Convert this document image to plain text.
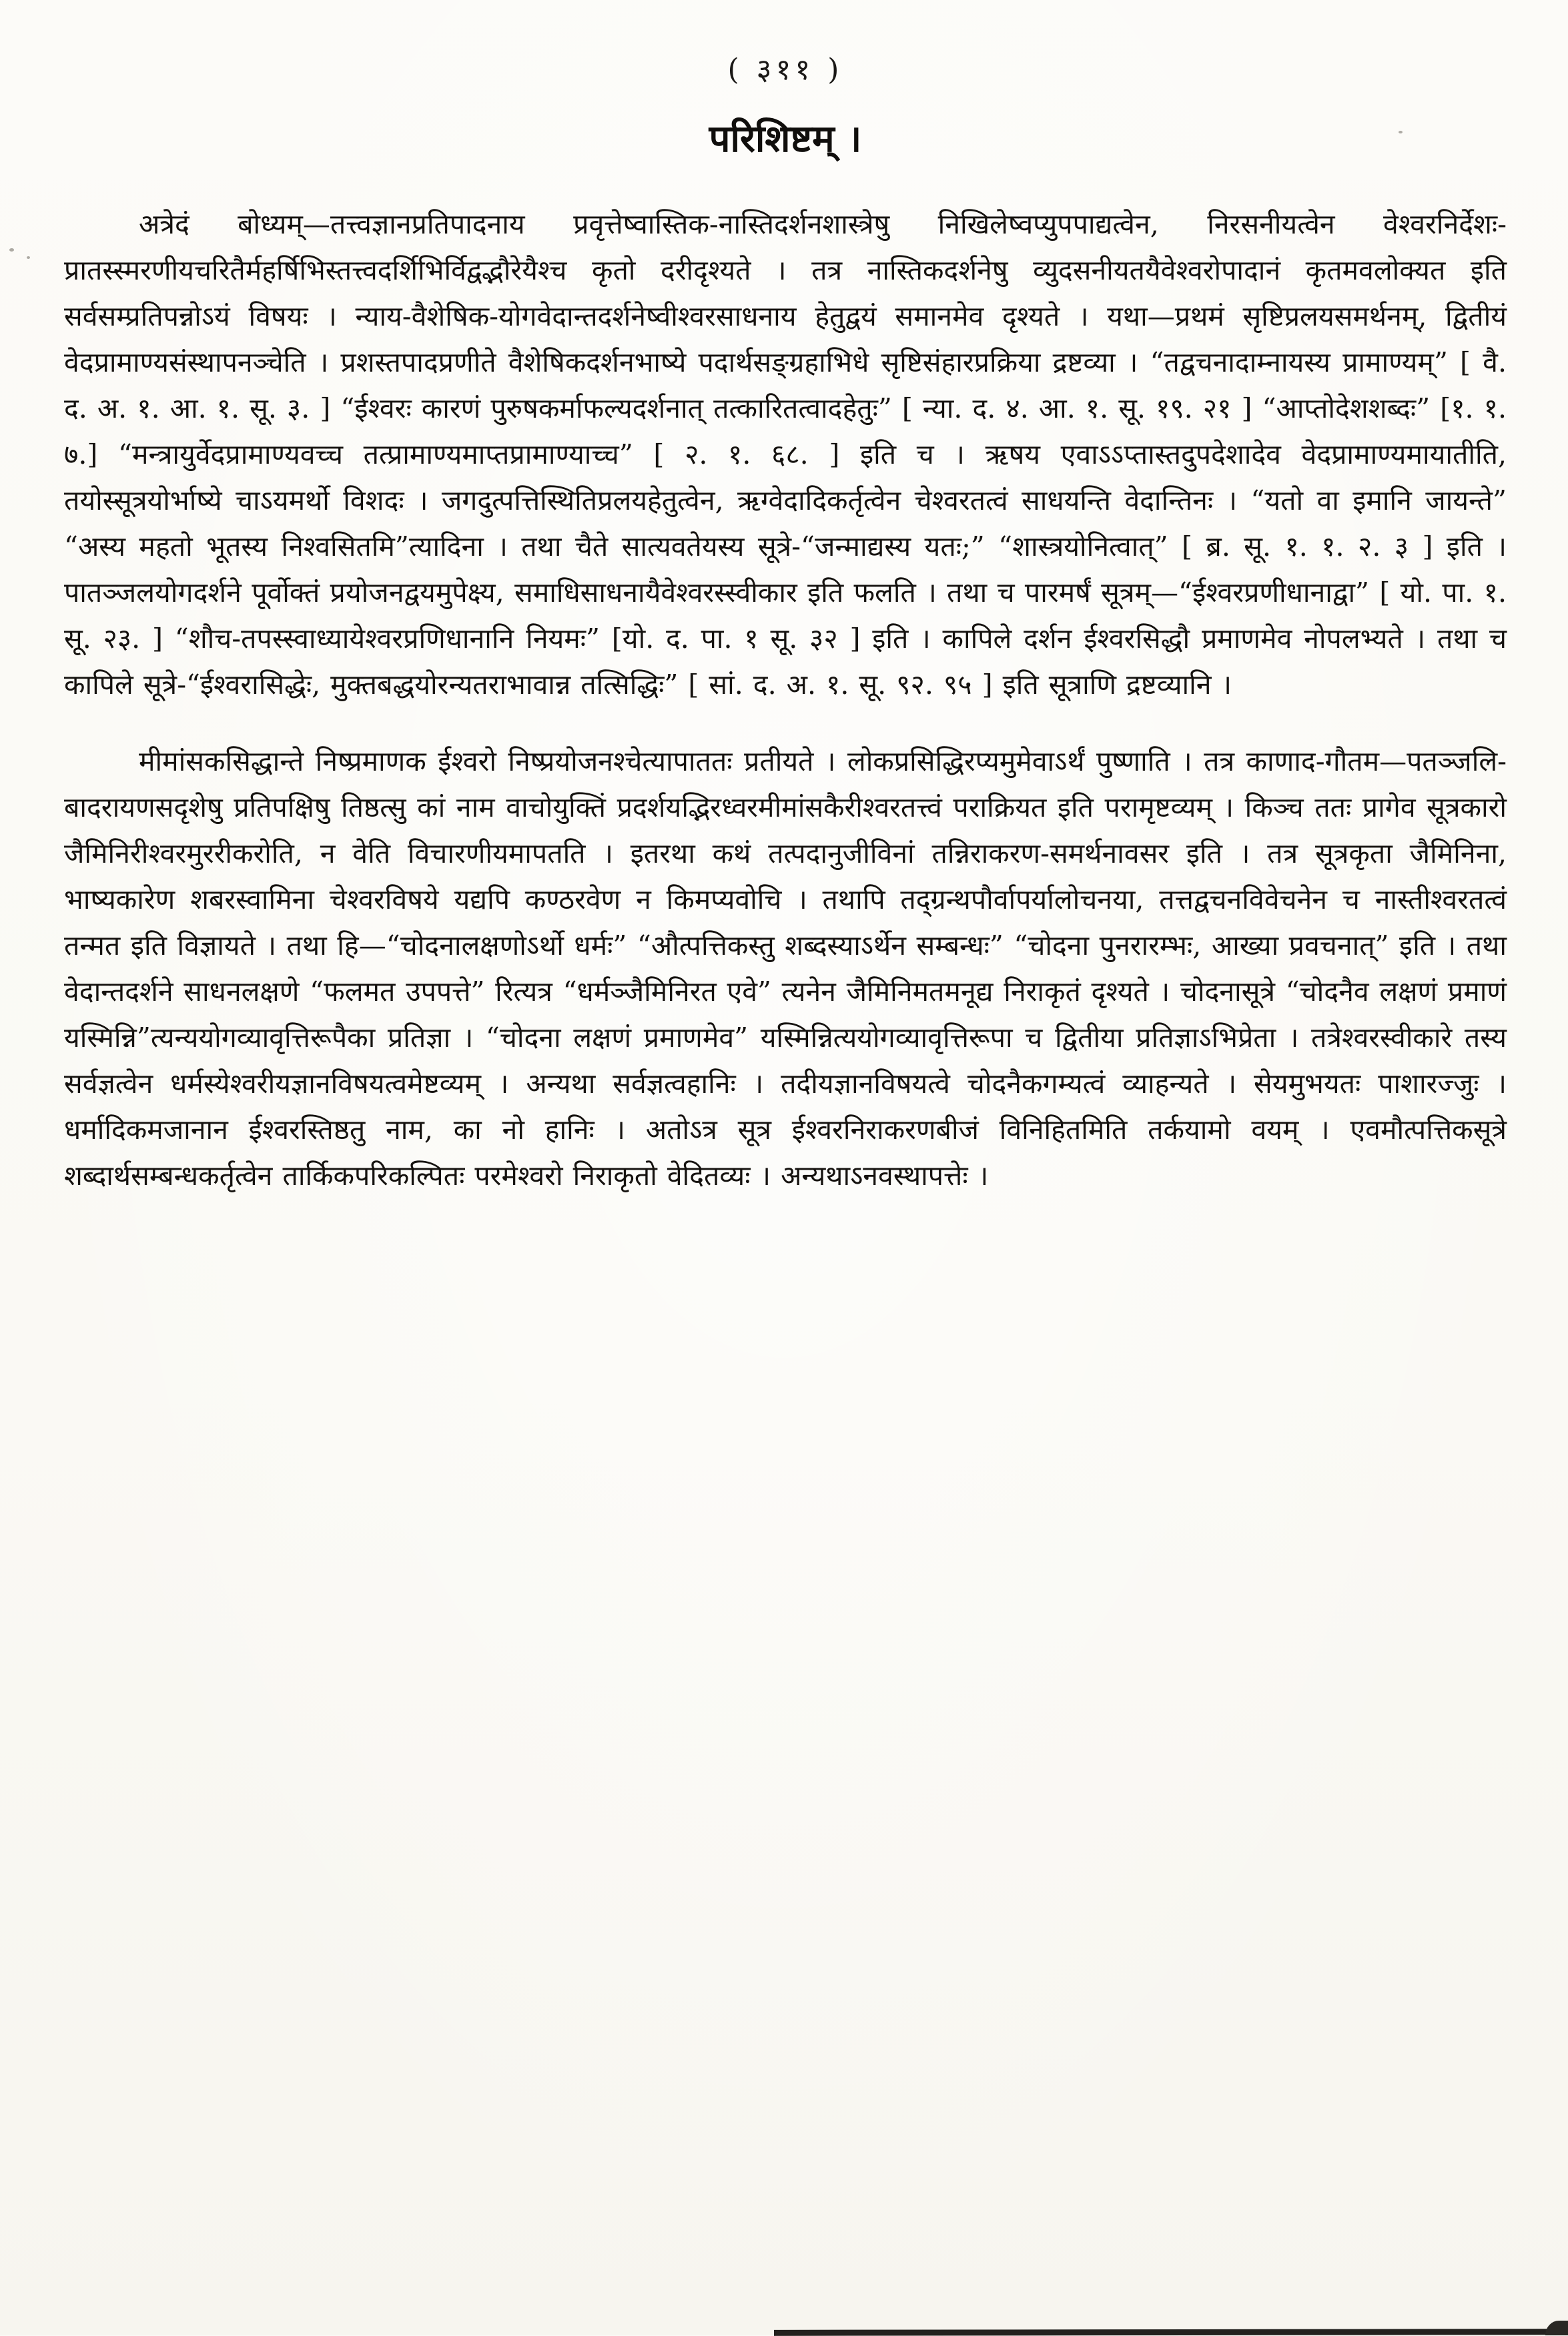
( ३११ )
परिशिष्टम् ।

अत्रेदं बोध्यम्—तत्त्वज्ञानप्रतिपादनाय प्रवृत्तेष्वास्तिक-नास्तिदर्शनशास्त्रेषु निखिलेष्वप्युपपाद्यत्वेन, निरसनीयत्वेन वेश्वरनिर्देशः-प्रातस्स्मरणीयचरितैर्महर्षिभिस्तत्त्वदर्शिभिर्विद्वद्भौरेयैश्च कृतो दरीदृश्यते । तत्र नास्तिकदर्शनेषु व्युदसनीयतयैवेश्वरोपादानं कृतमवलोक्यत इति सर्वसम्प्रतिपन्नोऽयं विषयः । न्याय-वैशेषिक-योगवेदान्तदर्शनेष्वीश्वरसाधनाय हेतुद्वयं समानमेव दृश्यते । यथा—प्रथमं सृष्टिप्रलयसमर्थनम्, द्वितीयं वेदप्रामाण्यसंस्थापनञ्चेति । प्रशस्तपादप्रणीते वैशेषिकदर्शनभाष्ये पदार्थसङ्ग्रहाभिधे सृष्टिसंहारप्रक्रिया द्रष्टव्या । “तद्वचनादाम्नायस्य प्रामाण्यम्” [ वै. द. अ. १. आ. १. सू. ३. ] “ईश्वरः कारणं पुरुषकर्माफल्यदर्शनात् तत्कारितत्वादहेतुः” [ न्या. द. ४. आ. १. सू. १९. २१ ] “आप्तोदेशशब्दः” [१. १. ७.] “मन्त्रायुर्वेदप्रामाण्यवच्च तत्प्रामाण्यमाप्तप्रामाण्याच्च” [ २. १. ६८. ] इति च । ऋषय एवाऽऽप्तास्तदुपदेशादेव वेदप्रामाण्यमायातीति, तयोस्सूत्रयोर्भाष्ये चाऽयमर्थो विशदः । जगदुत्पत्तिस्थितिप्रलयहेतुत्वेन, ऋग्वेदादिकर्तृत्वेन चेश्वरतत्वं साधयन्ति वेदान्तिनः । “यतो वा इमानि जायन्ते” “अस्य महतो भूतस्य निश्वसितमि”त्यादिना । तथा चैते सात्यवतेयस्य सूत्रे-“जन्माद्यस्य यतः;” “शास्त्रयोनित्वात्” [ ब्र. सू. १. १. २. ३ ] इति । पातञ्जलयोगदर्शने पूर्वोक्तं प्रयोजनद्वयमुपेक्ष्य, समाधिसाधनायैवेश्वरस्स्वीकार इति फलति । तथा च पारमर्षं सूत्रम्—“ईश्वरप्रणीधानाद्वा” [ यो. पा. १. सू. २३. ] “शौच-तपस्स्वाध्यायेश्वरप्रणिधानानि नियमः” [यो. द. पा. १ सू. ३२ ] इति । कापिले दर्शन ईश्वरसिद्धौ प्रमाणमेव नोपलभ्यते । तथा च कापिले सूत्रे-“ईश्वरासिद्धेः, मुक्तबद्धयोरन्यतराभावान्न तत्सिद्धिः” [ सां. द. अ. १. सू. ९२. ९५ ] इति सूत्राणि द्रष्टव्यानि ।

मीमांसकसिद्धान्ते निष्प्रमाणक ईश्वरो निष्प्रयोजनश्चेत्यापाततः प्रतीयते । लोकप्रसिद्धिरप्यमुमेवाऽर्थं पुष्णाति । तत्र काणाद-गौतम—पतञ्जलि-बादरायणसदृशेषु प्रतिपक्षिषु तिष्ठत्सु कां नाम वाचोयुक्तिं प्रदर्शयद्भिरध्वरमीमांसकैरीश्वरतत्त्वं पराक्रियत इति परामृष्टव्यम् । किञ्च ततः प्रागेव सूत्रकारो जैमिनिरीश्वरमुररीकरोति, न वेति विचारणीयमापतति । इतरथा कथं तत्पदानुजीविनां तन्निराकरण-समर्थनावसर इति । तत्र सूत्रकृता जैमिनिना, भाष्यकारेण शबरस्वामिना चेश्वरविषये यद्यपि कण्ठरवेण न किमप्यवोचि । तथापि तद्ग्रन्थपौर्वापर्यालोचनया, तत्तद्वचनविवेचनेन च नास्तीश्वरतत्वं तन्मत इति विज्ञायते । तथा हि—“चोदनालक्षणोऽर्थो धर्मः” “औत्पत्तिकस्तु शब्दस्याऽर्थेन सम्बन्धः” “चोदना पुनरारम्भः, आख्या प्रवचनात्” इति । तथा वेदान्तदर्शने साधनलक्षणे “फलमत उपपत्ते” रित्यत्र “धर्मञ्जैमिनिरत एवे” त्यनेन जैमिनिमतमनूद्य निराकृतं दृश्यते । चोदनासूत्रे “चोदनैव लक्षणं प्रमाणं यस्मिन्नि”त्यन्ययोगव्यावृत्तिरूपैका प्रतिज्ञा । “चोदना लक्षणं प्रमाणमेव” यस्मिन्नित्ययोगव्यावृत्तिरूपा च द्वितीया प्रतिज्ञाऽभिप्रेता । तत्रेश्वरस्वीकारे तस्य सर्वज्ञत्वेन धर्मस्येश्वरीयज्ञानविषयत्वमेष्टव्यम् । अन्यथा सर्वज्ञत्वहानिः । तदीयज्ञानविषयत्वे चोदनैकगम्यत्वं व्याहन्यते । सेयमुभयतः पाशारज्जुः । धर्मादिकमजानान ईश्वरस्तिष्ठतु नाम, का नो हानिः । अतोऽत्र सूत्र ईश्वरनिराकरणबीजं विनिहितमिति तर्कयामो वयम् । एवमौत्पत्तिकसूत्रे शब्दार्थसम्बन्धकर्तृत्वेन तार्किकपरिकल्पितः परमेश्वरो निराकृतो वेदितव्यः । अन्यथाऽनवस्थापत्तेः ।
